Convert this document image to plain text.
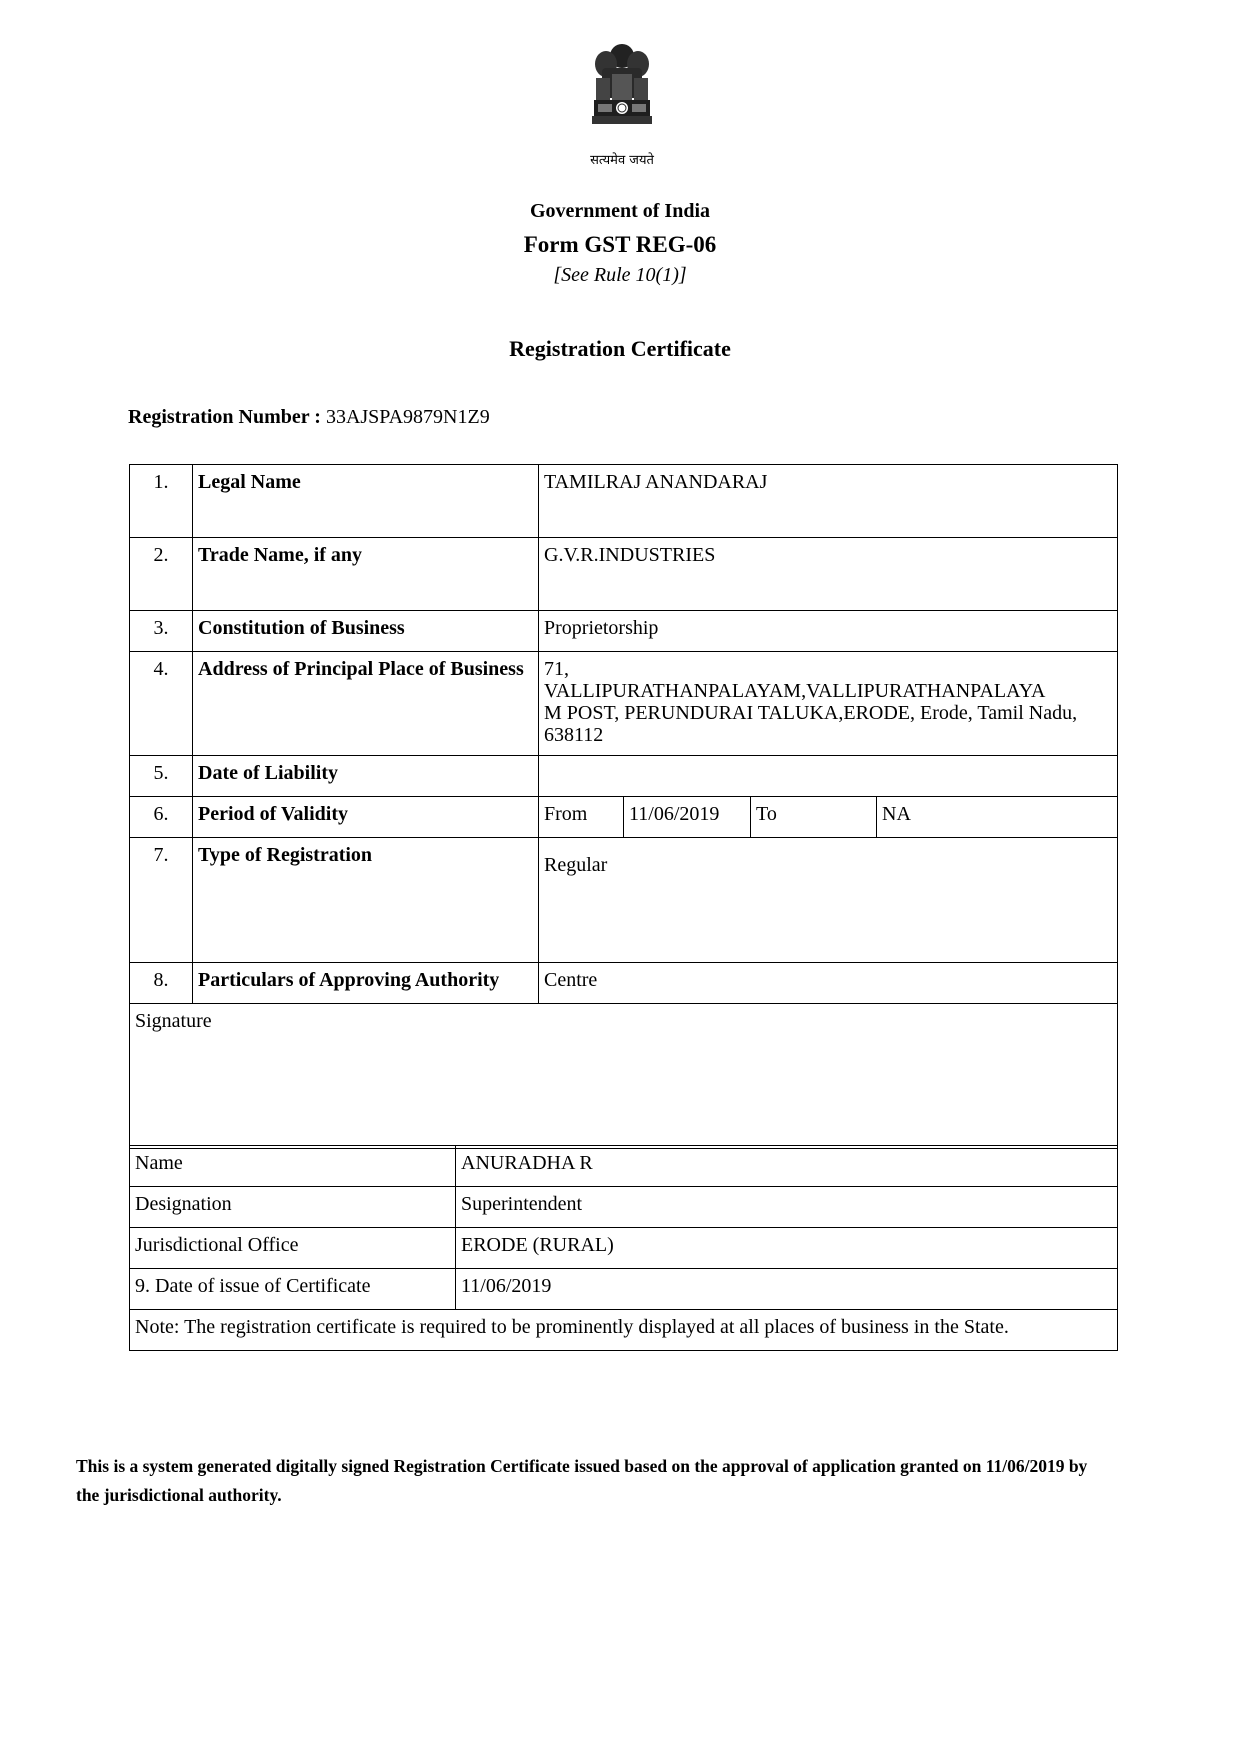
सत्यमेव जयते
Government of India
Form GST REG-06
[See Rule 10(1)]
Registration Certificate
Registration Number : 33AJSPA9879N1Z9
1.	Legal Name	TAMILRAJ ANANDARAJ			
2.	Trade Name, if any	G.V.R.INDUSTRIES			
3.	Constitution of Business	Proprietorship			
4.	Address of Principal Place of Business	71,
VALLIPURATHANPALAYAM,VALLIPURATHANPALAYA
M POST, PERUNDURAI TALUKA,ERODE, Erode, Tamil Nadu,
638112			

5.	Date of Liability				
6.	Period of Validity	From	11/06/2019	To	NA
7.	Type of Registration	Regular			

8.	Particulars of Approving Authority	Centre			
Signature					
Name	ANURADHA R
Designation	Superintendent
Jurisdictional Office	ERODE (RURAL)
9. Date of issue of Certificate	11/06/2019
Note: The registration certificate is required to be prominently displayed at all places of business in the State.	
This is a system generated digitally signed Registration Certificate issued based on the approval of application granted on 11/06/2019 by
the jurisdictional authority.
